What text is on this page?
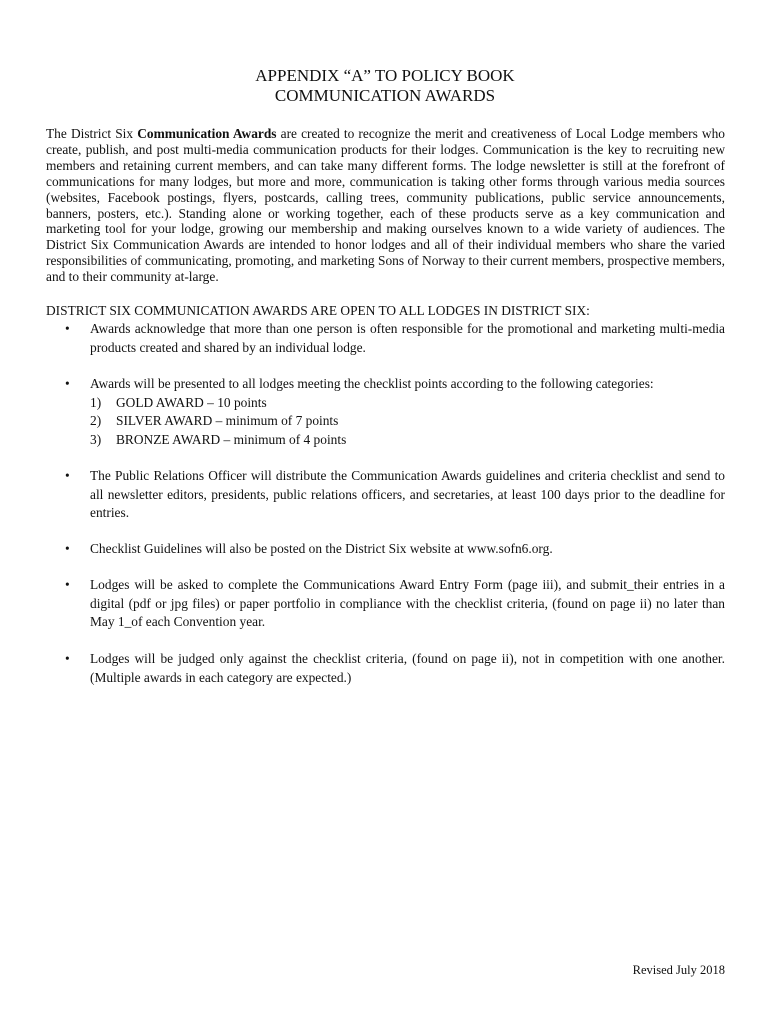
APPENDIX “A” TO POLICY BOOK
COMMUNICATION AWARDS

The District Six Communication Awards are created to recognize the merit and creativeness of Local Lodge members who create, publish, and post multi-media communication products for their lodges. Communication is the key to recruiting new members and retaining current members, and can take many different forms. The lodge newsletter is still at the forefront of communications for many lodges, but more and more, communication is taking other forms through various media sources (websites, Facebook postings, flyers, postcards, calling trees, community publications, public service announcements, banners, posters, etc.). Standing alone or working together, each of these products serve as a key communication and marketing tool for your lodge, growing our membership and making ourselves known to a wide variety of audiences. The District Six Communication Awards are intended to honor lodges and all of their individual members who share the varied responsibilities of communicating, promoting, and marketing Sons of Norway to their current members, prospective members, and to their community at-large.

DISTRICT SIX COMMUNICATION AWARDS ARE OPEN TO ALL LODGES IN DISTRICT SIX:
•	Awards acknowledge that more than one person is often responsible for the promotional and marketing multi-media products created and shared by an individual lodge.
•	Awards will be presented to all lodges meeting the checklist points according to the following categories:
1) GOLD AWARD – 10 points
2) SILVER AWARD – minimum of 7 points
3) BRONZE AWARD – minimum of 4 points
•	The Public Relations Officer will distribute the Communication Awards guidelines and criteria checklist and send to all newsletter editors, presidents, public relations officers, and secretaries, at least 100 days prior to the deadline for entries.
•	Checklist Guidelines will also be posted on the District Six website at www.sofn6.org.
•	Lodges will be asked to complete the Communications Award Entry Form (page iii), and submit_their entries in a digital (pdf or jpg files) or paper portfolio in compliance with the checklist criteria, (found on page ii) no later than May 1_of each Convention year.
•	Lodges will be judged only against the checklist criteria, (found on page ii), not in competition with one another. (Multiple awards in each category are expected.)
Revised July 2018
